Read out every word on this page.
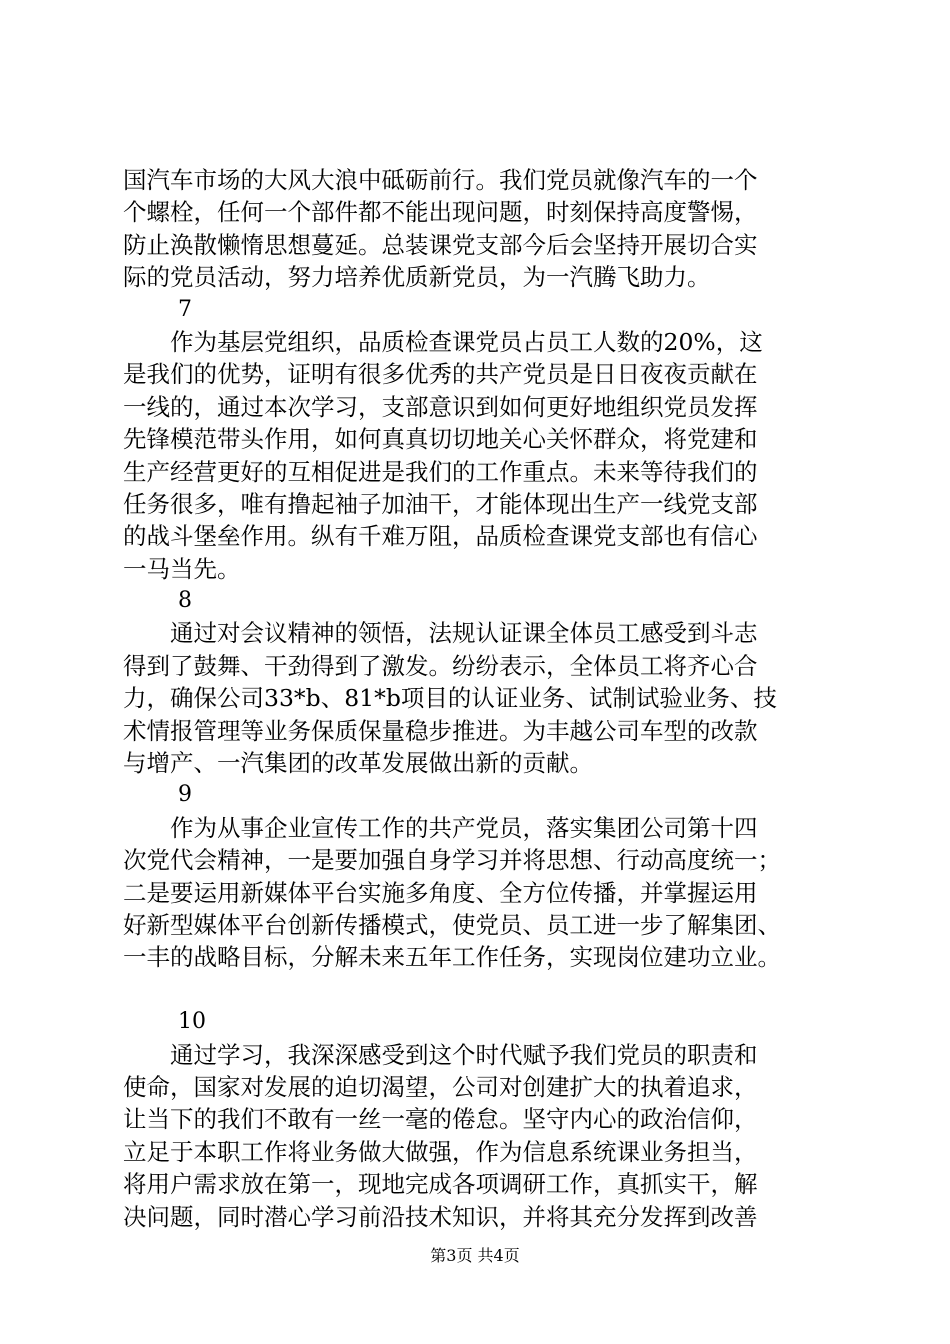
国汽车市场的大风大浪中砥砺前行。我们党员就像汽车的一个
个螺栓，任何一个部件都不能出现问题，时刻保持高度警惕，
防止涣散懒惰思想蔓延。总装课党支部今后会坚持开展切合实
际的党员活动，努力培养优质新党员，为一汽腾飞助力。
7
　　作为基层党组织，品质检查课党员占员工人数的20%，这
是我们的优势，证明有很多优秀的共产党员是日日夜夜贡献在
一线的，通过本次学习，支部意识到如何更好地组织党员发挥
先锋模范带头作用，如何真真切切地关心关怀群众，将党建和
生产经营更好的互相促进是我们的工作重点。未来等待我们的
任务很多，唯有撸起袖子加油干，才能体现出生产一线党支部
的战斗堡垒作用。纵有千难万阻，品质检查课党支部也有信心
一马当先。
8
　　通过对会议精神的领悟，法规认证课全体员工感受到斗志
得到了鼓舞、干劲得到了激发。纷纷表示，全体员工将齐心合
力，确保公司33*b、81*b项目的认证业务、试制试验业务、技
术情报管理等业务保质保量稳步推进。为丰越公司车型的改款
与增产、一汽集团的改革发展做出新的贡献。
9
　　作为从事企业宣传工作的共产党员，落实集团公司第十四
次党代会精神，一是要加强自身学习并将思想、行动高度统一；
二是要运用新媒体平台实施多角度、全方位传播，并掌握运用
好新型媒体平台创新传播模式，使党员、员工进一步了解集团、
一丰的战略目标，分解未来五年工作任务，实现岗位建功立业。
10
　　通过学习，我深深感受到这个时代赋予我们党员的职责和
使命，国家对发展的迫切渴望，公司对创建扩大的执着追求，
让当下的我们不敢有一丝一毫的倦怠。坚守内心的政治信仰，
立足于本职工作将业务做大做强，作为信息系统课业务担当，
将用户需求放在第一，现地完成各项调研工作，真抓实干，解
决问题，同时潜心学习前沿技术知识，并将其充分发挥到改善
第3页 共4页
